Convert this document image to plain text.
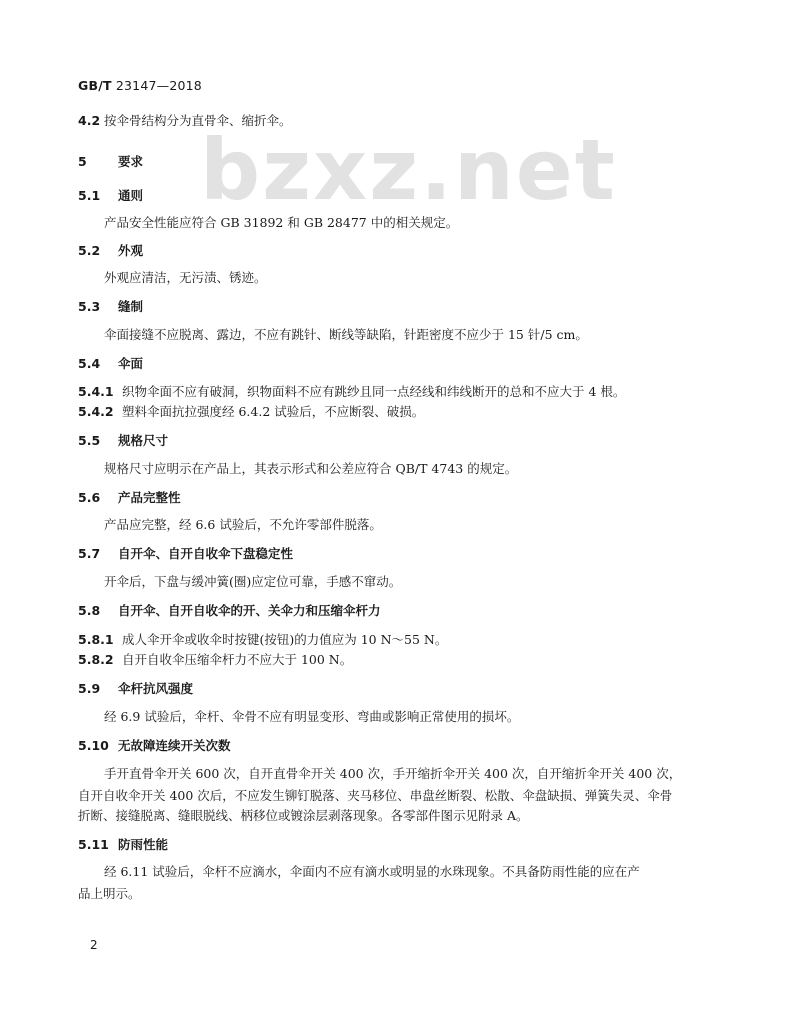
GB/T 23147—2018
bzxz.net
4.2 按伞骨结构分为直骨伞、缩折伞。
5	要求
5.1 通则
产品安全性能应符合 GB 31892 和 GB 28477 中的相关规定。
5.2 外观
外观应清洁，无污渍、锈迹。
5.3 缝制
伞面接缝不应脱离、露边，不应有跳针、断线等缺陷，针距密度不应少于 15 针/5 cm。
5.4 伞面
5.4.1 织物伞面不应有破洞，织物面料不应有跳纱且同一点经线和纬线断开的总和不应大于 4 根。
5.4.2 塑料伞面抗拉强度经 6.4.2 试验后，不应断裂、破损。
5.5 规格尺寸
规格尺寸应明示在产品上，其表示形式和公差应符合 QB/T 4743 的规定。
5.6 产品完整性
产品应完整，经 6.6 试验后，不允许零部件脱落。
5.7 自开伞、自开自收伞下盘稳定性
开伞后，下盘与缓冲簧(圈)应定位可靠，手感不窜动。
5.8 自开伞、自开自收伞的开、关伞力和压缩伞杆力
5.8.1 成人伞开伞或收伞时按键(按钮)的力值应为 10 N～55 N。
5.8.2 自开自收伞压缩伞杆力不应大于 100 N。
5.9 伞杆抗风强度
经 6.9 试验后，伞杆、伞骨不应有明显变形、弯曲或影响正常使用的损坏。
5.10 无故障连续开关次数
手开直骨伞开关 600 次，自开直骨伞开关 400 次，手开缩折伞开关 400 次，自开缩折伞开关 400 次，
自开自收伞开关 400 次后，不应发生铆钉脱落、夹马移位、串盘丝断裂、松散、伞盘缺损、弹簧失灵、伞骨
折断、接缝脱离、缝眼脱线、柄移位或镀涂层剥落现象。各零部件图示见附录 A。
5.11 防雨性能
经 6.11 试验后，伞杆不应滴水，伞面内不应有滴水或明显的水珠现象。不具备防雨性能的应在产
品上明示。
2
